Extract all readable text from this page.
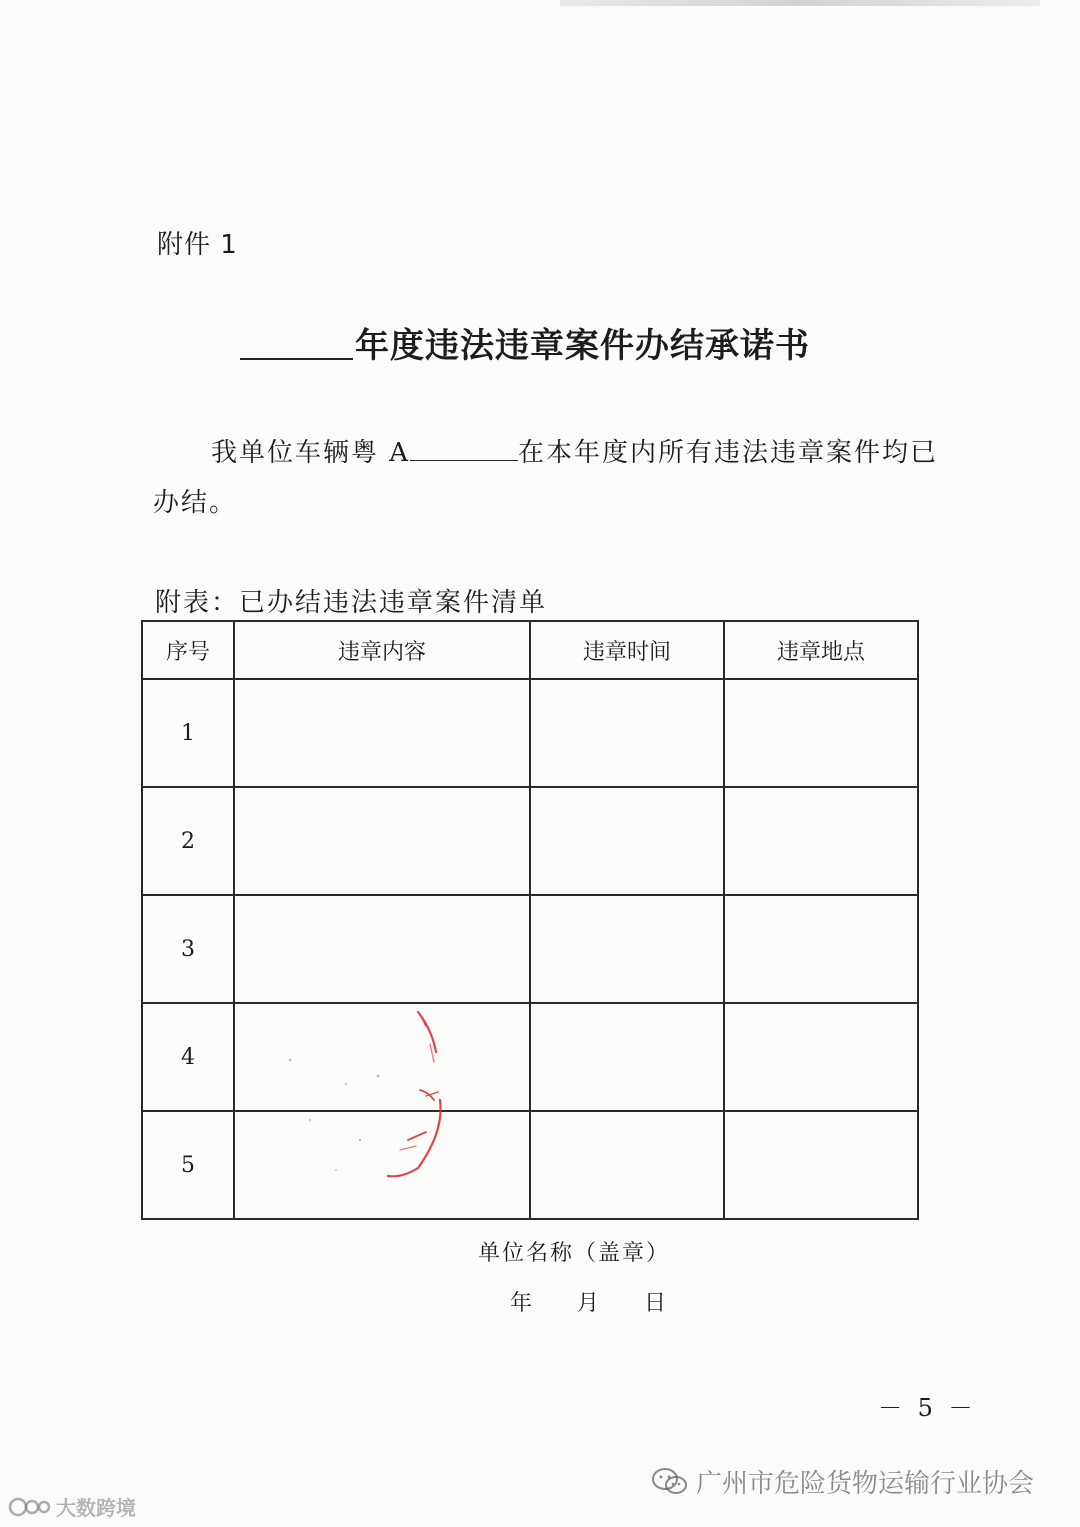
附件 1
年度违法违章案件办结承诺书
我单位车辆粤 A	在本年度内所有违法违章案件均已
办结。
附表：已办结违法违章案件清单
序号	违章内容	违章时间	违章地点
1			
2			
3			
4			
5			
单位名称（盖章）
年 月 日
－ 5 －
广州市危险货物运输行业协会
大数跨境
